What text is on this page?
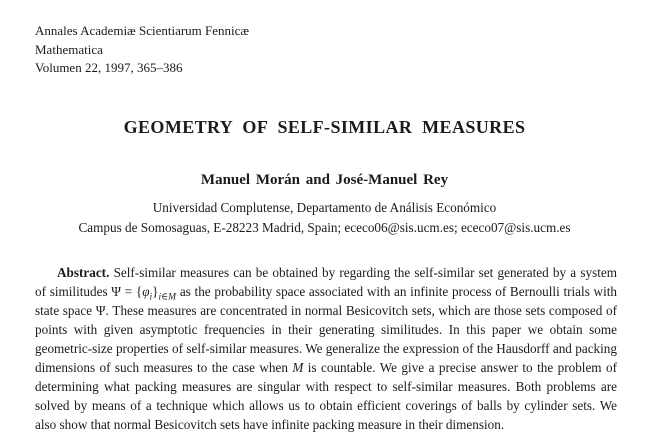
Annales Academiæ Scientiarum Fennicæ
Mathematica
Volumen 22, 1997, 365–386
GEOMETRY OF SELF-SIMILAR MEASURES
Manuel Morán and José-Manuel Rey
Universidad Complutense, Departamento de Análisis Económico
Campus de Somosaguas, E-28223 Madrid, Spain; ececo06@sis.ucm.es; ececo07@sis.ucm.es

Abstract. Self-similar measures can be obtained by regarding the self-similar set generated by a system of similitudes $\Psi = \{\varphi_i\}_{i\in M}$ as the probability space associated with an infinite process of Bernoulli trials with state space Ψ. These measures are concentrated in normal Besicovitch sets, which are those sets composed of points with given asymptotic frequencies in their generating similitudes. In this paper we obtain some geometric-size properties of self-similar measures. We generalize the expression of the Hausdorff and packing dimensions of such measures to the case when M is countable. We give a precise answer to the problem of determining what packing measures are singular with respect to self-similar measures. Both problems are solved by means of a technique which allows us to obtain efficient coverings of balls by cylinder sets. We also show that normal Besicovitch sets have infinite packing measure in their dimension.
